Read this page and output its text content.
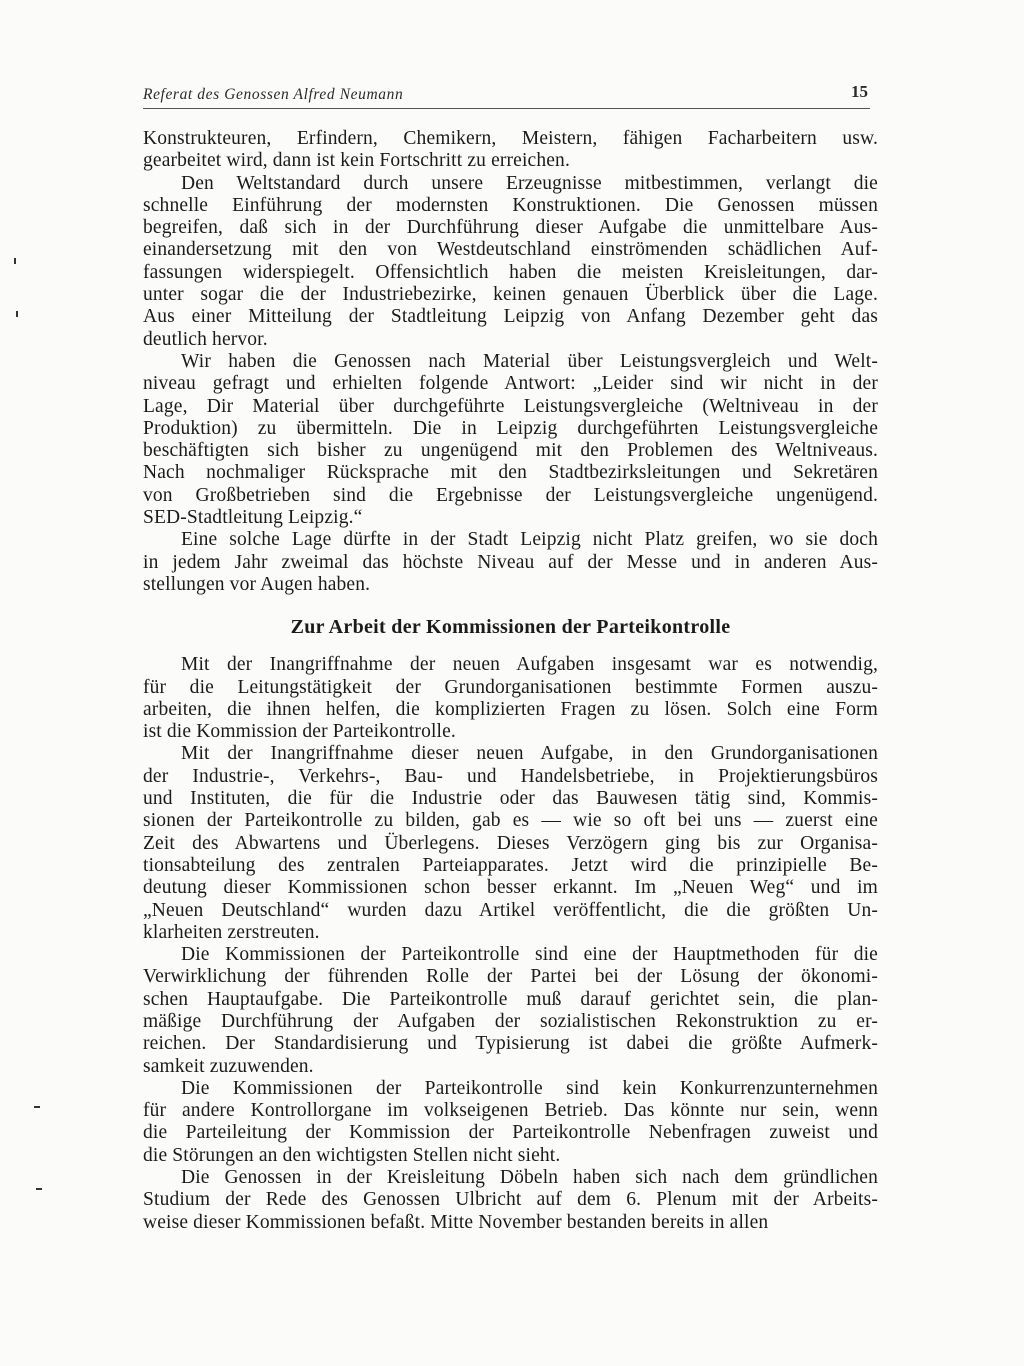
Referat des Genossen Alfred Neumann	15
Konstrukteuren, Erfindern, Chemikern, Meistern, fähigen Facharbeitern usw.
gearbeitet wird, dann ist kein Fortschritt zu erreichen.
Den Weltstandard durch unsere Erzeugnisse mitbestimmen, verlangt die
schnelle Einführung der modernsten Konstruktionen. Die Genossen müssen
begreifen, daß sich in der Durchführung dieser Aufgabe die unmittelbare Aus-
einandersetzung mit den von Westdeutschland einströmenden schädlichen Auf-
fassungen widerspiegelt. Offensichtlich haben die meisten Kreisleitungen, dar-
unter sogar die der Industriebezirke, keinen genauen Überblick über die Lage.
Aus einer Mitteilung der Stadtleitung Leipzig von Anfang Dezember geht das
deutlich hervor.
Wir haben die Genossen nach Material über Leistungsvergleich und Welt-
niveau gefragt und erhielten folgende Antwort: „Leider sind wir nicht in der
Lage, Dir Material über durchgeführte Leistungsvergleiche (Weltniveau in der
Produktion) zu übermitteln. Die in Leipzig durchgeführten Leistungsvergleiche
beschäftigten sich bisher zu ungenügend mit den Problemen des Weltniveaus.
Nach nochmaliger Rücksprache mit den Stadtbezirksleitungen und Sekretären
von Großbetrieben sind die Ergebnisse der Leistungsvergleiche ungenügend.
SED-Stadtleitung Leipzig.“
Eine solche Lage dürfte in der Stadt Leipzig nicht Platz greifen, wo sie doch
in jedem Jahr zweimal das höchste Niveau auf der Messe und in anderen Aus-
stellungen vor Augen haben.
Zur Arbeit der Kommissionen der Parteikontrolle
Mit der Inangriffnahme der neuen Aufgaben insgesamt war es notwendig,
für die Leitungstätigkeit der Grundorganisationen bestimmte Formen auszu-
arbeiten, die ihnen helfen, die komplizierten Fragen zu lösen. Solch eine Form
ist die Kommission der Parteikontrolle.
Mit der Inangriffnahme dieser neuen Aufgabe, in den Grundorganisationen
der Industrie-, Verkehrs-, Bau- und Handelsbetriebe, in Projektierungsbüros
und Instituten, die für die Industrie oder das Bauwesen tätig sind, Kommis-
sionen der Parteikontrolle zu bilden, gab es — wie so oft bei uns — zuerst eine
Zeit des Abwartens und Überlegens. Dieses Verzögern ging bis zur Organisa-
tionsabteilung des zentralen Parteiapparates. Jetzt wird die prinzipielle Be-
deutung dieser Kommissionen schon besser erkannt. Im „Neuen Weg“ und im
„Neuen Deutschland“ wurden dazu Artikel veröffentlicht, die die größten Un-
klarheiten zerstreuten.
Die Kommissionen der Parteikontrolle sind eine der Hauptmethoden für die
Verwirklichung der führenden Rolle der Partei bei der Lösung der ökonomi-
schen Hauptaufgabe. Die Parteikontrolle muß darauf gerichtet sein, die plan-
mäßige Durchführung der Aufgaben der sozialistischen Rekonstruktion zu er-
reichen. Der Standardisierung und Typisierung ist dabei die größte Aufmerk-
samkeit zuzuwenden.
Die Kommissionen der Parteikontrolle sind kein Konkurrenzunternehmen
für andere Kontrollorgane im volkseigenen Betrieb. Das könnte nur sein, wenn
die Parteileitung der Kommission der Parteikontrolle Nebenfragen zuweist und
die Störungen an den wichtigsten Stellen nicht sieht.
Die Genossen in der Kreisleitung Döbeln haben sich nach dem gründlichen
Studium der Rede des Genossen Ulbricht auf dem 6. Plenum mit der Arbeits-
weise dieser Kommissionen befaßt. Mitte November bestanden bereits in allen
